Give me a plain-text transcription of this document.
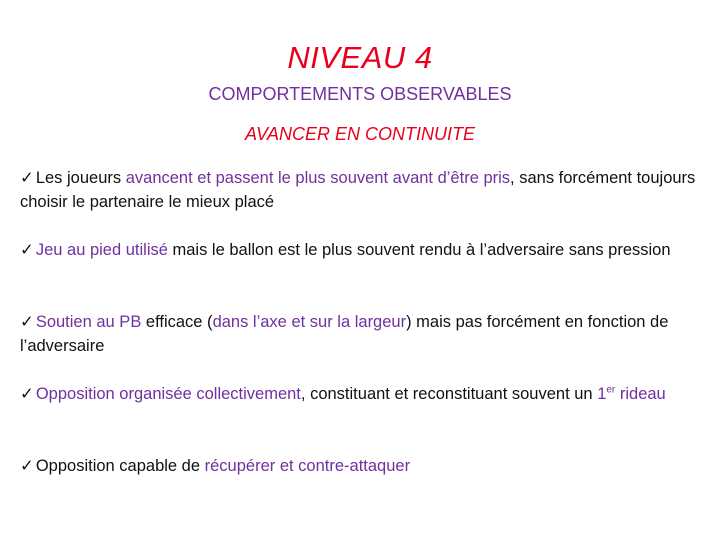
NIVEAU 4
COMPORTEMENTS OBSERVABLES
AVANCER EN CONTINUITE
✓ Les joueurs avancent et passent le plus souvent avant d’être pris, sans forcément toujours choisir le partenaire le mieux placé
✓ Jeu au pied utilisé mais le ballon est le plus souvent rendu à l’adversaire sans pression
✓ Soutien au PB efficace (dans l’axe et sur la largeur) mais pas forcément en fonction de l’adversaire
✓ Opposition organisée collectivement, constituant et reconstituant souvent un 1er rideau
✓ Opposition capable de récupérer et contre-attaquer
